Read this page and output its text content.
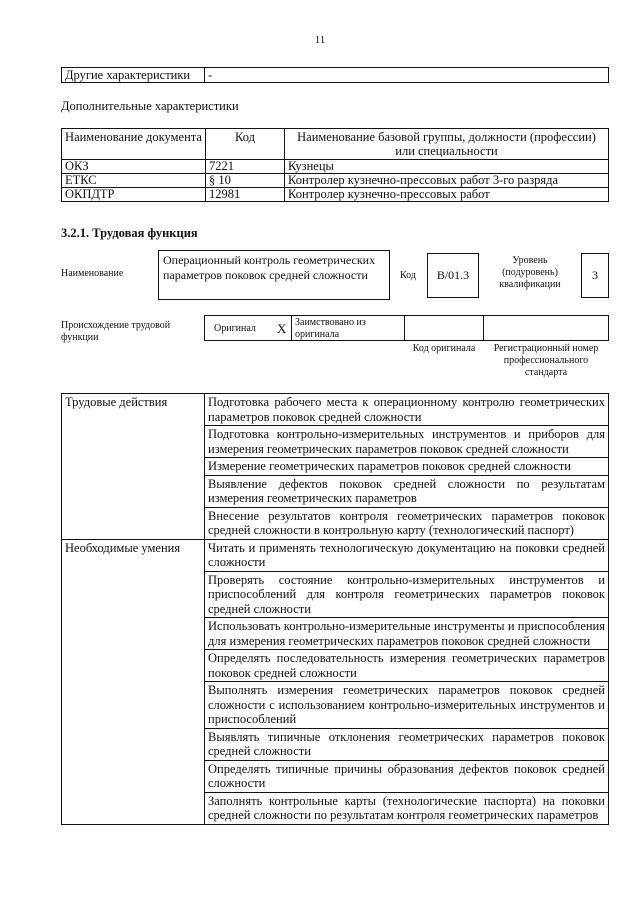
11
Другие характеристики	-
Дополнительные характеристики
Наименование документа	Код	Наименование базовой группы, должности (профессии) или специальности
ОКЗ	7221	Кузнецы
ЕТКС	§ 10	Контролер кузнечно-прессовых работ 3-го разряда
ОКПДТР	12981	Контролер кузнечно-прессовых работ
3.2.1. Трудовая функция
Наименование
Операционный контроль геометрических параметров поковок средней сложности	Код	B/01.3
Уровень (подуровень) квалификации
3
Происхождение трудовой функции
Оригинал X Заимствовано из оригинала
Код оригинала	Регистрационный номер профессионального стандарта
Трудовые действия	Подготовка рабочего места к операционному контролю геометрических параметров поковок средней сложности
	Подготовка контрольно-измерительных инструментов и приборов для измерения геометрических параметров поковок средней сложности
	Измерение геометрических параметров поковок средней сложности
	Выявление дефектов поковок средней сложности по результатам измерения геометрических параметров
	Внесение результатов контроля геометрических параметров поковок средней сложности в контрольную карту (технологический паспорт)
Необходимые умения	Читать и применять технологическую документацию на поковки средней сложности
	Проверять состояние контрольно-измерительных инструментов и приспособлений для контроля геометрических параметров поковок средней сложности
	Использовать контрольно-измерительные инструменты и приспособления для измерения геометрических параметров поковок средней сложности
	Определять последовательность измерения геометрических параметров поковок средней сложности
	Выполнять измерения геометрических параметров поковок средней сложности с использованием контрольно-измерительных инструментов и приспособлений
	Выявлять типичные отклонения геометрических параметров поковок средней сложности
	Определять типичные причины образования дефектов поковок средней сложности
	Заполнять контрольные карты (технологические паспорта) на поковки средней сложности по результатам контроля геометрических параметров
